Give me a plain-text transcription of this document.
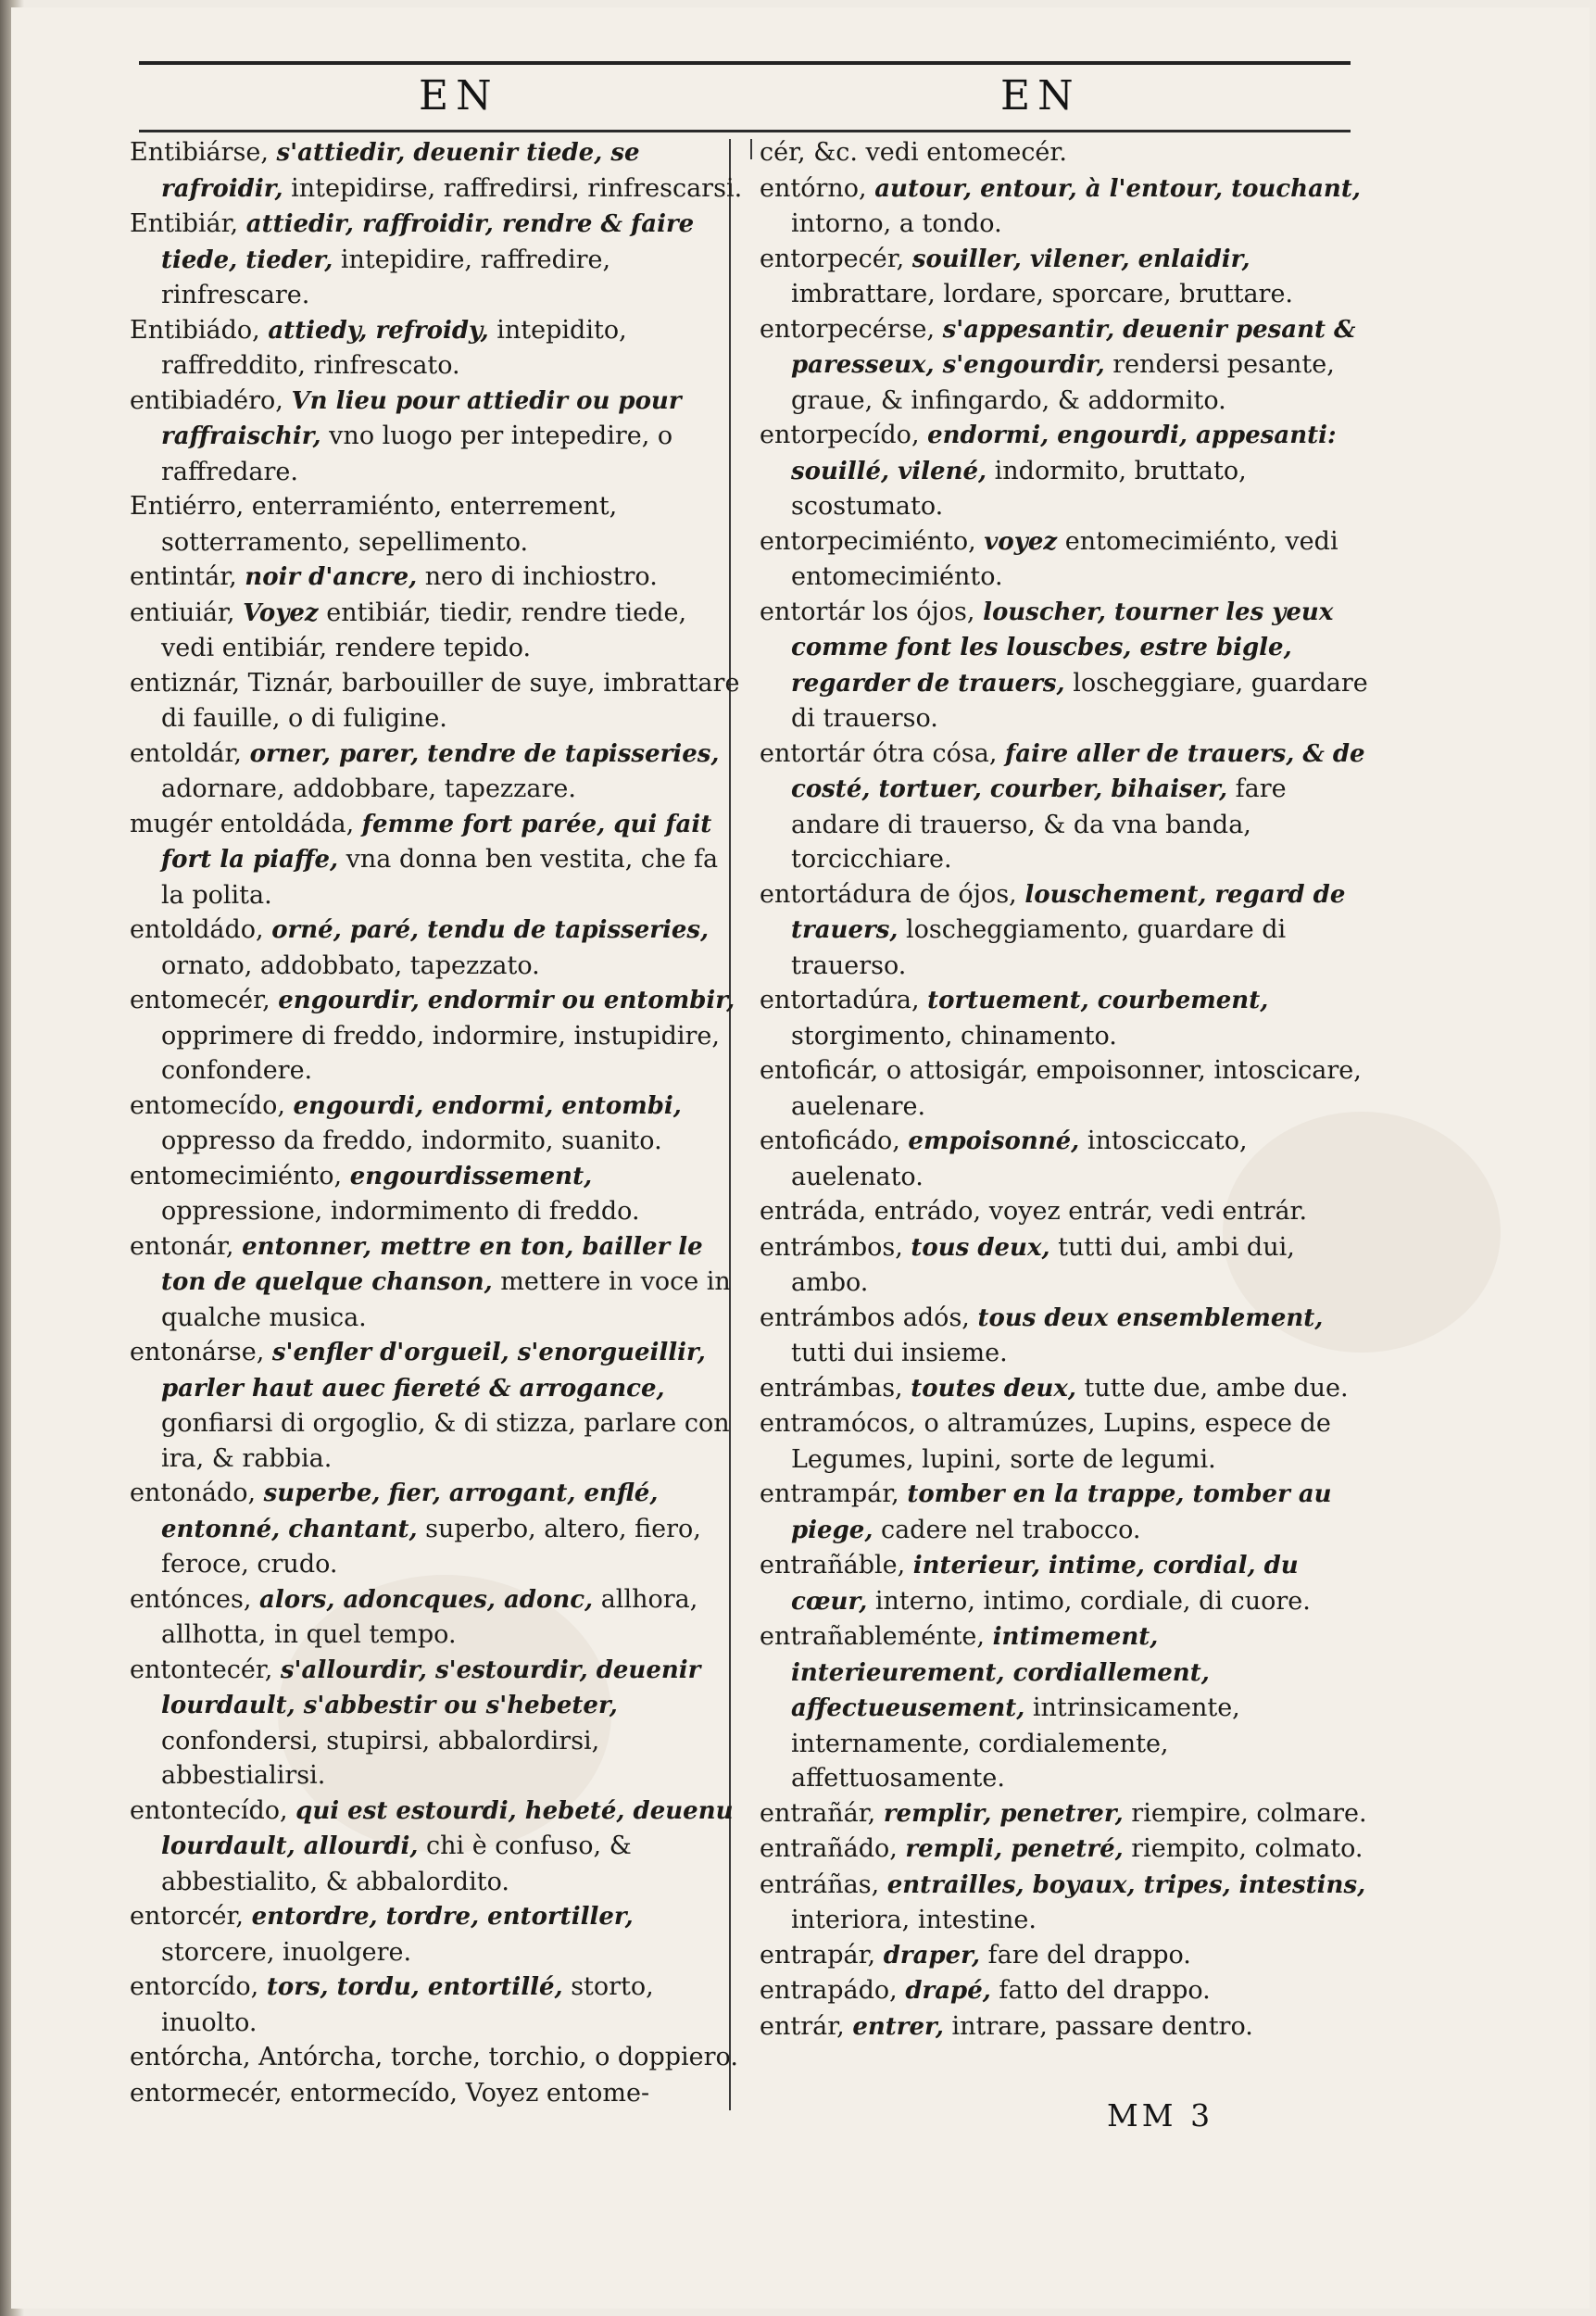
EN	EN

Entibiárse, s'attiedir, deuenir tiede, se rafroidir, intepidirse, raffredirsi, rinfrescarsi.

Entibiár, attiedir, raffroidir, rendre & faire tiede, tieder, intepidire, raffredire, rinfrescare.

Entibiádo, attiedy, refroidy, intepidito, raffreddito, rinfrescato.

entibiadéro, Vn lieu pour attiedir ou pour raffraischir, vno luogo per intepedire, o raffredare.

Entiérro, enterramiénto, enterrement, sotterramento, sepellimento.

entintár, noir d'ancre, nero di inchiostro.

entiuiár, Voyez entibiár, tiedir, rendre tiede, vedi entibiár, rendere tepido.

entiznár, Tiznár, barbouiller de suye, imbrattare di fauille, o di fuligine.

entoldár, orner, parer, tendre de tapisseries, adornare, addobbare, tapezzare.

mugér entoldáda, femme fort parée, qui fait fort la piaffe, vna donna ben vestita, che fa la polita.

entoldádo, orné, paré, tendu de tapisseries, ornato, addobbato, tapezzato.

entomecér, engourdir, endormir ou entombir, opprimere di freddo, indormire, instupidire, confondere.

entomecído, engourdi, endormi, entombi, oppresso da freddo, indormito, suanito.

entomecimiénto, engourdissement, oppressione, indormimento di freddo.

entonár, entonner, mettre en ton, bailler le ton de quelque chanson, mettere in voce in qualche musica.

entonárse, s'enfler d'orgueil, s'enorgueillir, parler haut auec fiereté & arrogance, gonfiarsi di orgoglio, & di stizza, parlare con ira, & rabbia.

entonádo, superbe, fier, arrogant, enflé, entonné, chantant, superbo, altero, fiero, feroce, crudo.

entónces, alors, adoncques, adonc, allhora, allhotta, in quel tempo.

entontecér, s'allourdir, s'estourdir, deuenir lourdault, s'abbestir ou s'hebeter, confondersi, stupirsi, abbalordirsi, abbestialirsi.

entontecído, qui est estourdi, hebeté, deuenu lourdault, allourdi, chi è confuso, & abbestialito, & abbalordito.

entorcér, entordre, tordre, entortiller, storcere, inuolgere.

entorcído, tors, tordu, entortillé, storto, inuolto.

entórcha, Antórcha, torche, torchio, o doppiero.

entormecér, entormecído, Voyez entome-

cér, &c. vedi entomecér.

entórno, autour, entour, à l'entour, touchant, intorno, a tondo.

entorpecér, souiller, vilener, enlaidir, imbrattare, lordare, sporcare, bruttare.

entorpecérse, s'appesantir, deuenir pesant & paresseux, s'engourdir, rendersi pesante, graue, & infingardo, & addormito.

entorpecído, endormi, engourdi, appesanti: souillé, vilené, indormito, bruttato, scostumato.

entorpecimiénto, voyez entomecimiénto, vedi entomecimiénto.

entortár los ójos, louscher, tourner les yeux comme font les louscbes, estre bigle, regarder de trauers, loscheggiare, guardare di trauerso.

entortár ótra cósa, faire aller de trauers, & de costé, tortuer, courber, bihaiser, fare andare di trauerso, & da vna banda, torcicchiare.

entortádura de ójos, louschement, regard de trauers, loscheggiamento, guardare di trauerso.

entortadúra, tortuement, courbement, storgimento, chinamento.

entoficár, o attosigár, empoisonner, intoscicare, auelenare.

entoficádo, empoisonné, intosciccato, auelenato.

entráda, entrádo, voyez entrár, vedi entrár.

entrámbos, tous deux, tutti dui, ambi dui, ambo.

entrámbos adós, tous deux ensemblement, tutti dui insieme.

entrámbas, toutes deux, tutte due, ambe due.

entramócos, o altramúzes, Lupins, espece de Legumes, lupini, sorte de legumi.

entrampár, tomber en la trappe, tomber au piege, cadere nel trabocco.

entrañáble, interieur, intime, cordial, du cœur, interno, intimo, cordiale, di cuore.

entrañableménte, intimement, interieurement, cordiallement, affectueusement, intrinsicamente, internamente, cordialemente, affettuosamente.

entrañár, remplir, penetrer, riempire, colmare.

entrañádo, rempli, penetré, riempito, colmato.

entráñas, entrailles, boyaux, tripes, intestins, interiora, intestine.

entrapár, draper, fare del drappo.

entrapádo, drapé, fatto del drappo.

entrár, entrer, intrare, passare dentro.

MM 3
